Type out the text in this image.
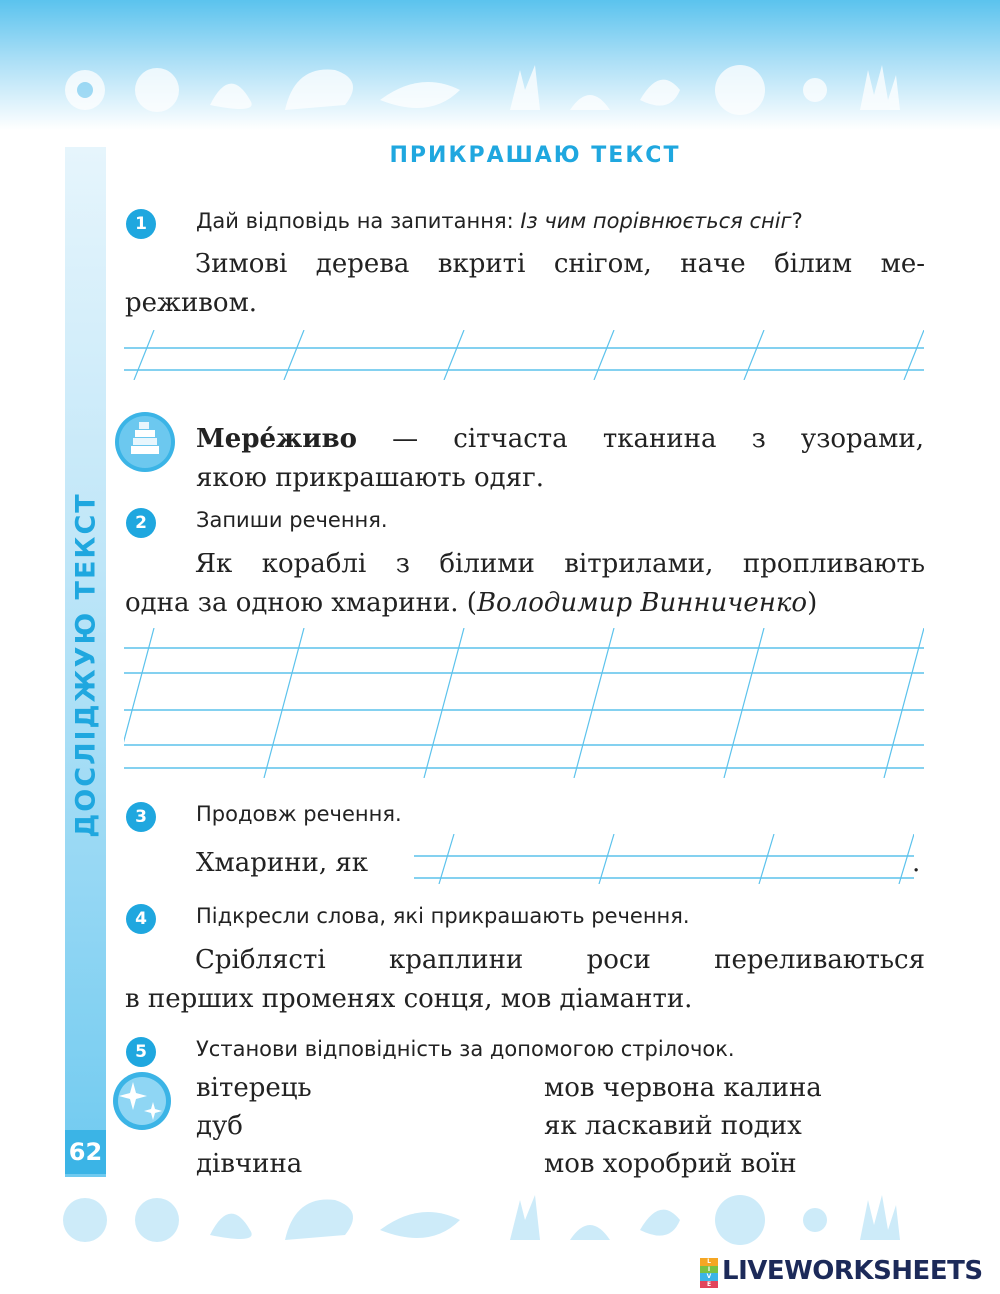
ДОСЛІДЖУЮ ТЕКСТ
62
ПРИКРАШАЮ ТЕКСТ
1	Дай відповідь на запитання: Із чим порівнюється сніг?
Зимові дерева вкриті снігом, наче білим ме-
реживом.
Мере́живо — сітчаста тканина з узорами,
якою прикрашають одяг.
2	Запиши речення.
Як кораблі з білими вітрилами, пропливають
одна за одною хмарини. (Володимир Винниченко)
3	Продовж речення.
Хмарини, як	.
4	Підкресли слова, які прикрашають речення.
Сріблясті краплини роси переливаються
в перших променях сонця, мов діаманти.
5	Установи відповідність за допомогою стрілочок.
вітерець
дуб
дівчина
мов червона калина
як ласкавий подих
мов хоробрий воїн
L
I
V
E LIVEWORKSHEETS
